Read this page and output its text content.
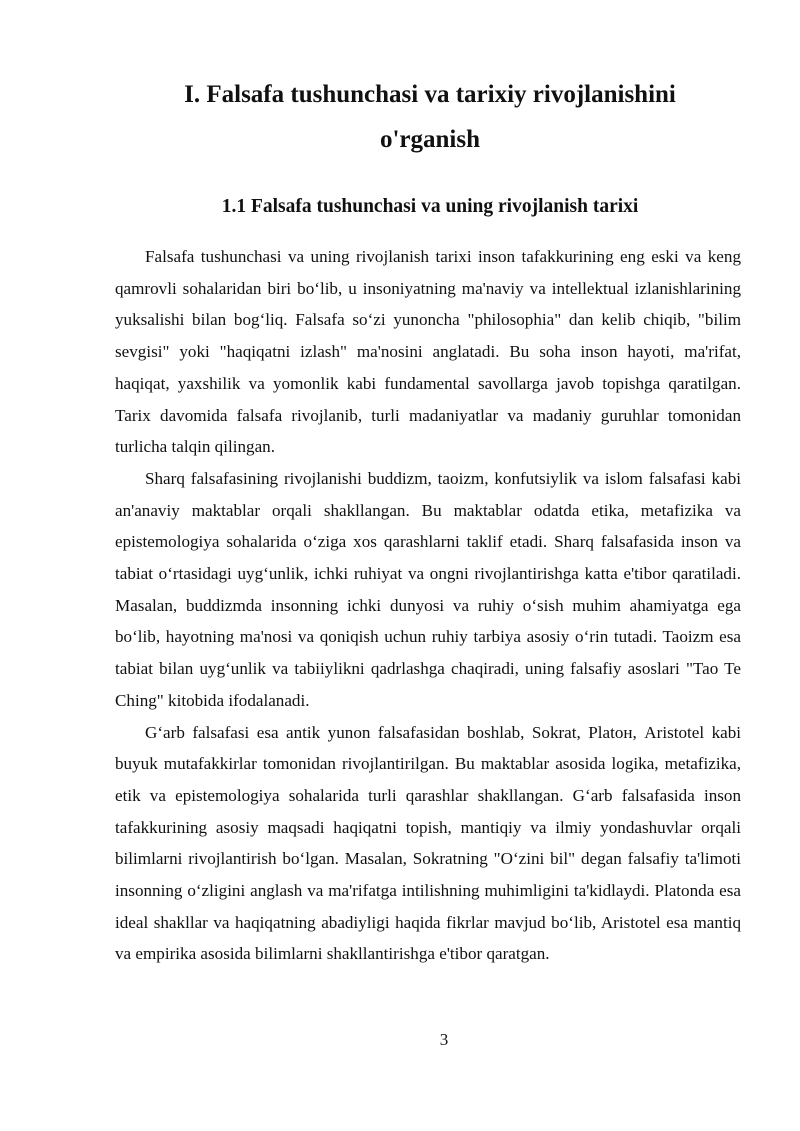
I. Falsafa tushunchasi va tarixiy rivojlanishini o'rganish
1.1 Falsafa tushunchasi va uning rivojlanish tarixi

Falsafa tushunchasi va uning rivojlanish tarixi inson tafakkurining eng eski va keng qamrovli sohalaridan biri bo‘lib, u insoniyatning ma'naviy va intellektual izlanishlarining yuksalishi bilan bog‘liq. Falsafa so‘zi yunoncha "philosophia" dan kelib chiqib, "bilim sevgisi" yoki "haqiqatni izlash" ma'nosini anglatadi. Bu soha inson hayoti, ma'rifat, haqiqat, yaxshilik va yomonlik kabi fundamental savollarga javob topishga qaratilgan. Tarix davomida falsafa rivojlanib, turli madaniyatlar va madaniy guruhlar tomonidan turlicha talqin qilingan.

Sharq falsafasining rivojlanishi buddizm, taoizm, konfutsiylik va islom falsafasi kabi an'anaviy maktablar orqali shakllangan. Bu maktablar odatda etika, metafizika va epistemologiya sohalarida o‘ziga xos qarashlarni taklif etadi. Sharq falsafasida inson va tabiat o‘rtasidagi uyg‘unlik, ichki ruhiyat va ongni rivojlantirishga katta e'tibor qaratiladi. Masalan, buddizmda insonning ichki dunyosi va ruhiy o‘sish muhim ahamiyatga ega bo‘lib, hayotning ma'nosi va qoniqish uchun ruhiy tarbiya asosiy o‘rin tutadi. Taoizm esa tabiat bilan uyg‘unlik va tabiiylikni qadrlashga chaqiradi, uning falsafiy asoslari "Tao Te Ching" kitobida ifodalanadi.

G‘arb falsafasi esa antik yunon falsafasidan boshlab, Sokrat, Platон, Aristotel kabi buyuk mutafakkirlar tomonidan rivojlantirilgan. Bu maktablar asosida logika, metafizika, etik va epistemologiya sohalarida turli qarashlar shakllangan. G‘arb falsafasida inson tafakkurining asosiy maqsadi haqiqatni topish, mantiqiy va ilmiy yondashuvlar orqali bilimlarni rivojlantirish bo‘lgan. Masalan, Sokratning "O‘zini bil" degan falsafiy ta'limoti insonning o‘zligini anglash va ma'rifatga intilishning muhimligini ta'kidlaydi. Platonda esa ideal shakllar va haqiqatning abadiyligi haqida fikrlar mavjud bo‘lib, Aristotel esa mantiq va empirika asosida bilimlarni shakllantirishga e'tibor qaratgan.

3
